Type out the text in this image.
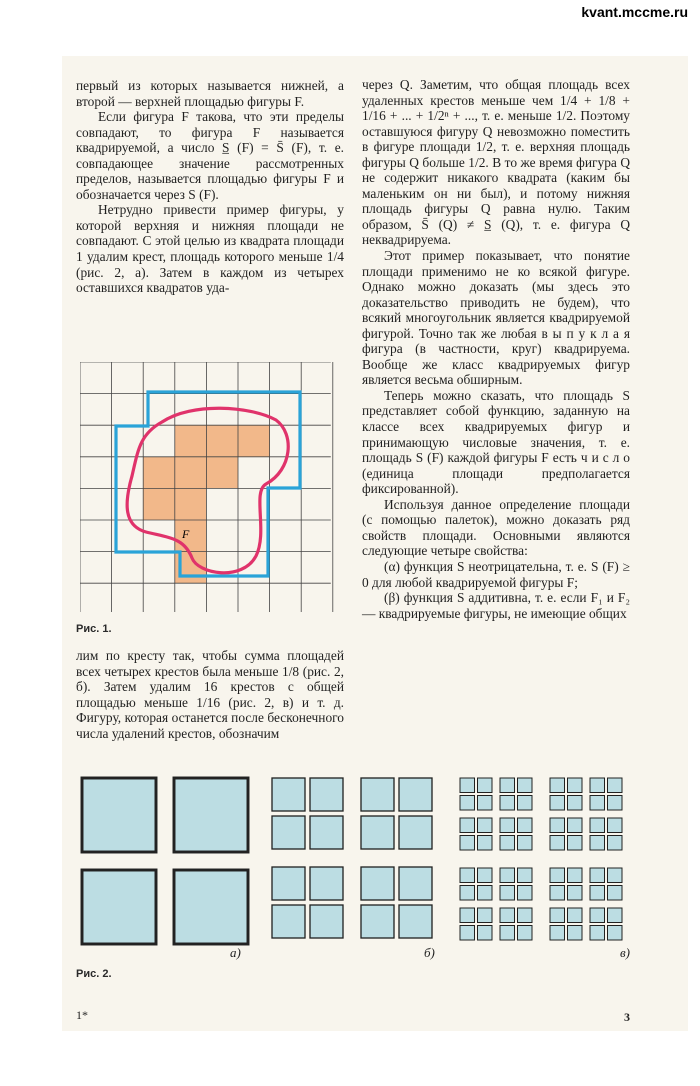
kvant.mccme.ru

первый из которых называется нижней, а второй — верхней площадью фигуры F.

Если фигура F такова, что эти пределы совпадают, то фигура F называется квадрируемой, а число S̲ (F) = S̄ (F), т. е. совпадающее значение рассмотренных пределов, называется площадью фигуры F и обозначается через S (F).

Нетрудно привести пример фигуры, у которой верхняя и нижняя площади не совпадают. С этой целью из квадрата площади 1 удалим крест, площадь которого меньше 1/4 (рис. 2, а). Затем в каждом из четырех оставшихся квадратов уда-

F
Рис. 1.

лим по кресту так, чтобы сумма площадей всех четырех крестов была меньше 1/8 (рис. 2, б). Затем удалим 16 крестов с общей площадью меньше 1/16 (рис. 2, в) и т. д. Фигуру, которая останется после бесконечного числа удалений крестов, обозначим

через Q. Заметим, что общая площадь всех удаленных крестов меньше чем 1/4 + 1/8 + 1/16 + ... + 1/2ⁿ + ..., т. е. меньше 1/2. Поэтому оставшуюся фигуру Q невозможно поместить в фигуре площади 1/2, т. е. верхняя площадь фигуры Q больше 1/2. В то же время фигура Q не содержит никакого квадрата (каким бы маленьким он ни был), и потому нижняя площадь фигуры Q равна нулю. Таким образом, S̄ (Q) ≠ S̲ (Q), т. е. фигура Q неквадрируема.

Этот пример показывает, что понятие площади применимо не ко всякой фигуре. Однако можно доказать (мы здесь это доказательство приводить не будем), что всякий многоугольник является квадрируемой фигурой. Точно так же любая в ы п у к л а я фигура (в частности, круг) квадрируема. Вообще же класс квадрируемых фигур является весьма обширным.

Теперь можно сказать, что площадь S представляет собой функцию, заданную на классе всех квадрируемых фигур и принимающую числовые значения, т. е. площадь S (F) каждой фигуры F есть ч и с л о (единица площади предполагается фиксированной).

Используя данное определение площади (с помощью палеток), можно доказать ряд свойств площади. Основными являются следующие четыре свойства:

(α) функция S неотрицательна, т. е. S (F) ≥ 0 для любой квадрируемой фигуры F;

(β) функция S аддитивна, т. е. если F₁ и F₂ — квадрируемые фигуры, не имеющие общих

а)	б)	в)
Рис. 2.
1*	3
